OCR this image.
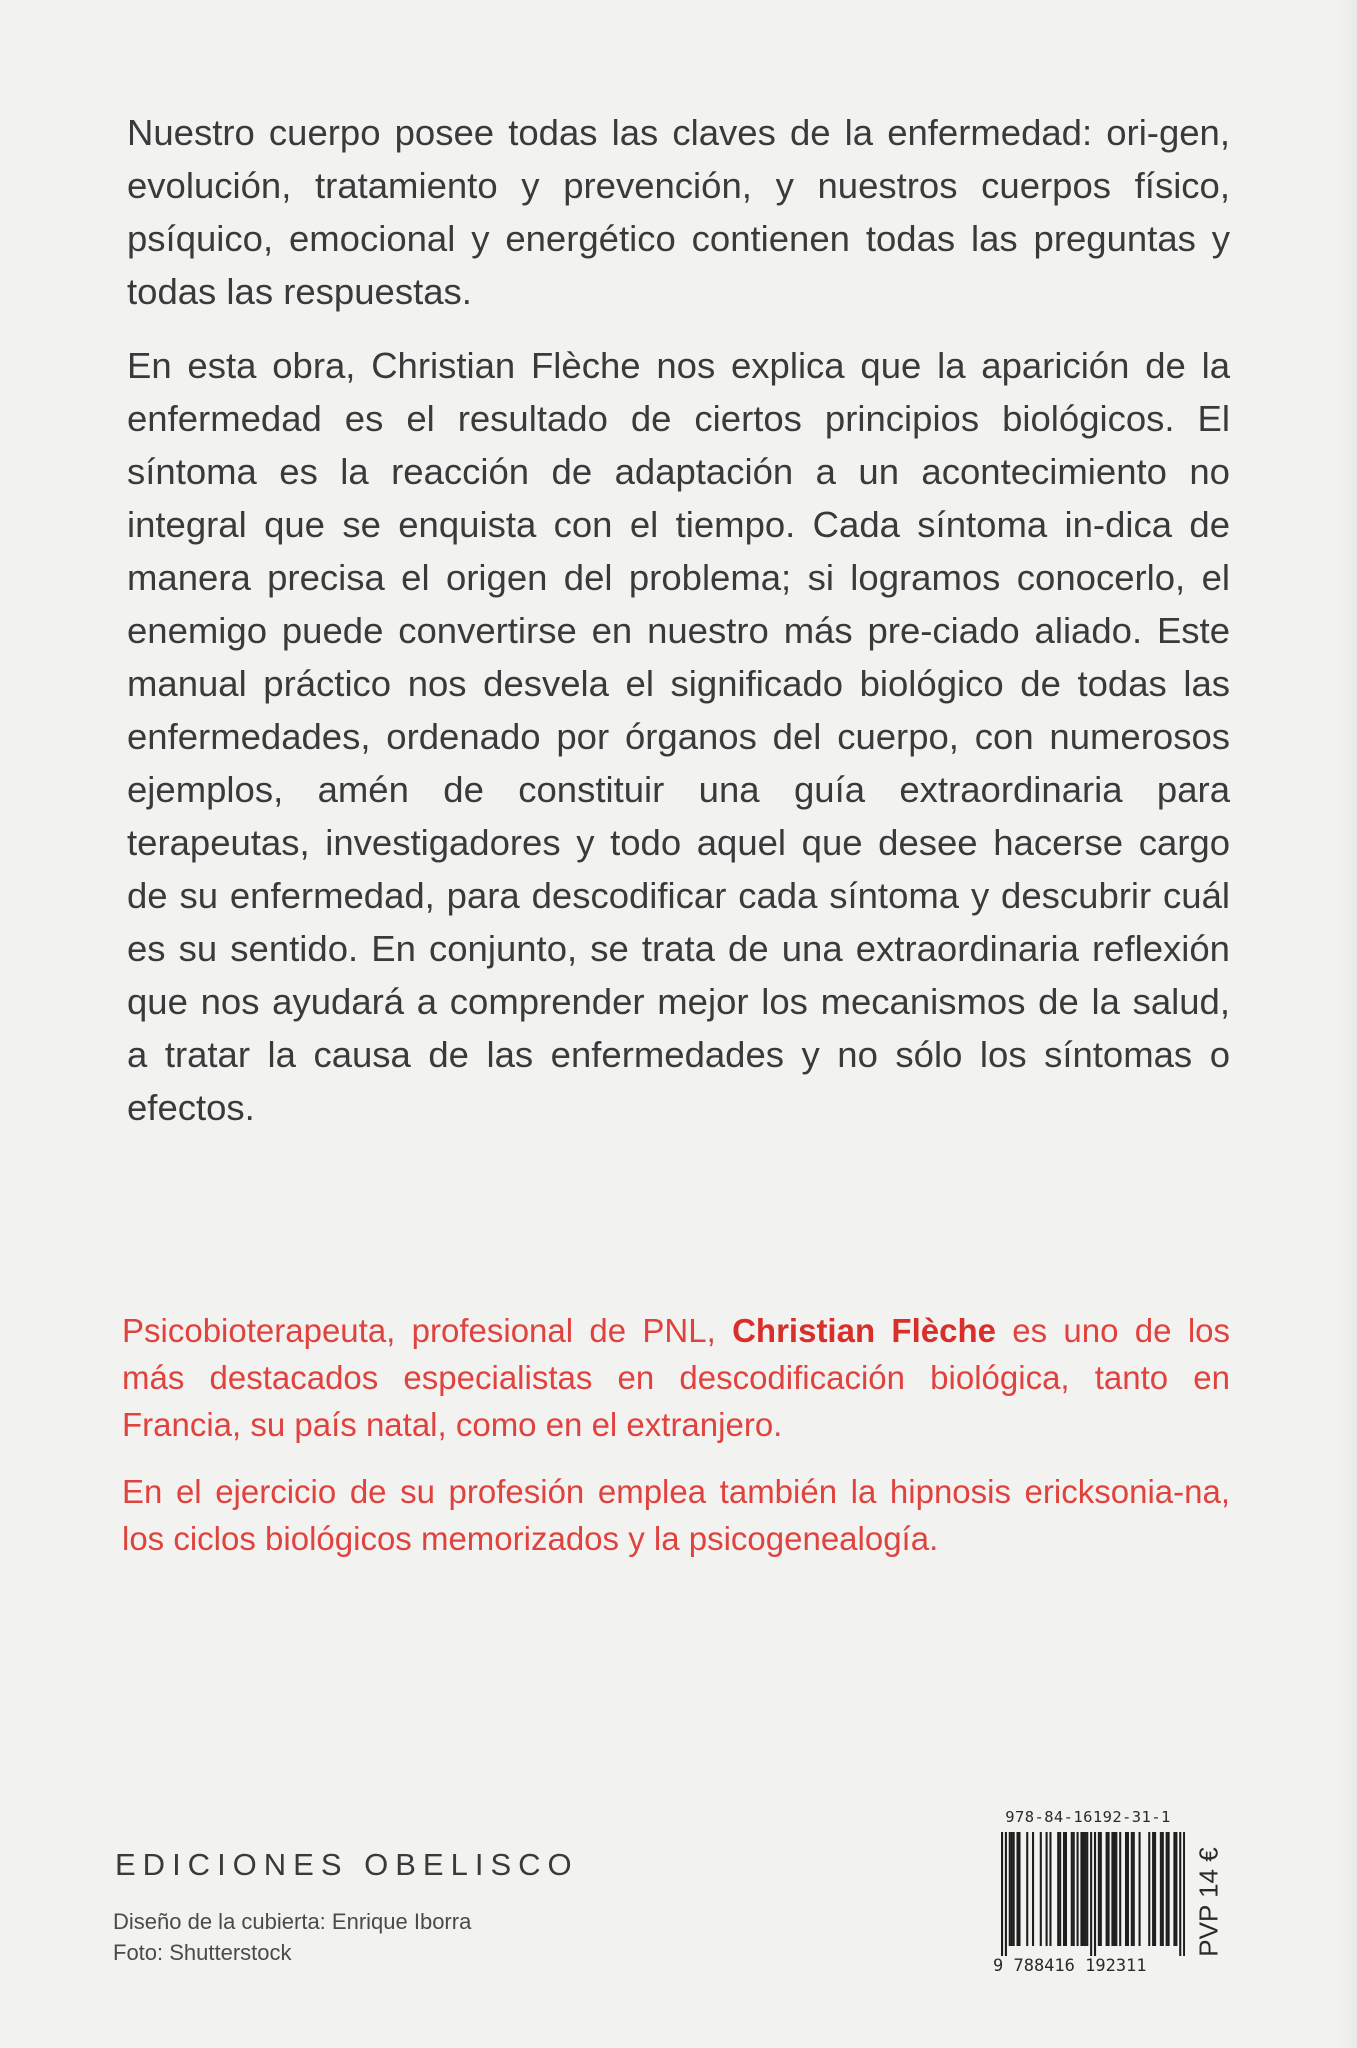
Nuestro cuerpo posee todas las claves de la enfermedad: ori-gen, evolución, tratamiento y prevención, y nuestros cuerpos físico, psíquico, emocional y energético contienen todas las preguntas y todas las respuestas.

En esta obra, Christian Flèche nos explica que la aparición de la enfermedad es el resultado de ciertos principios biológicos. El síntoma es la reacción de adaptación a un acontecimiento no integral que se enquista con el tiempo. Cada síntoma in-dica de manera precisa el origen del problema; si logramos conocerlo, el enemigo puede convertirse en nuestro más pre-ciado aliado. Este manual práctico nos desvela el significado biológico de todas las enfermedades, ordenado por órganos del cuerpo, con numerosos ejemplos, amén de constituir una guía extraordinaria para terapeutas, investigadores y todo aquel que desee hacerse cargo de su enfermedad, para descodificar cada síntoma y descubrir cuál es su sentido. En conjunto, se trata de una extraordinaria reflexión que nos ayudará a comprender mejor los mecanismos de la salud, a tratar la causa de las enfermedades y no sólo los síntomas o efectos.

Psicobioterapeuta, profesional de PNL, Christian Flèche es uno de los más destacados especialistas en descodificación biológica, tanto en Francia, su país natal, como en el extranjero.

En el ejercicio de su profesión emplea también la hipnosis ericksonia-na, los ciclos biológicos memorizados y la psicogenealogía.

EDICIONES OBELISCO
Diseño de la cubierta: Enrique Iborra
Foto: Shutterstock
978-84-16192-31-1
9 788416 192311
PVP 14 €
